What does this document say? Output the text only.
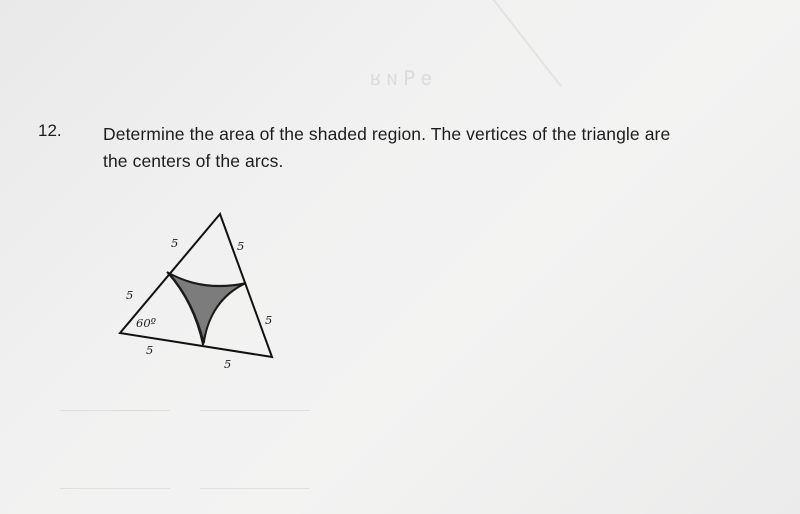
ɘ ꟼ ᴎ ᴚ
12. Determine the area of the shaded region. The vertices of the triangle are
the centers of the arcs.
5	5
5
5
5
5
60º
